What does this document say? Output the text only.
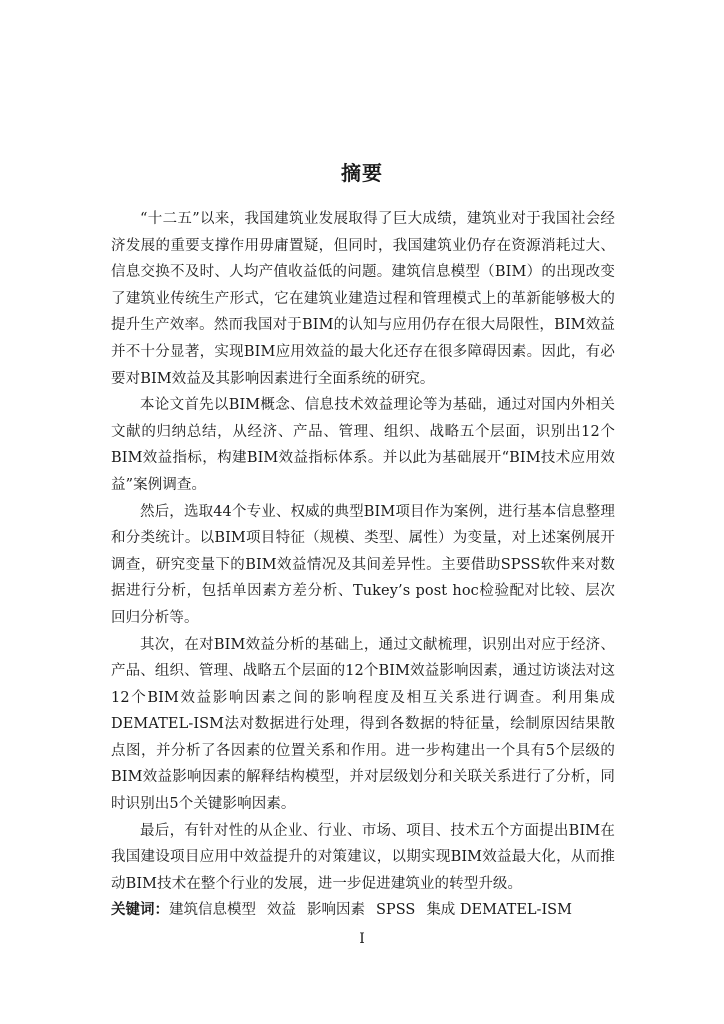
摘要

“十二五”以来，我国建筑业发展取得了巨大成绩，建筑业对于我国社会经济发展的重要支撑作用毋庸置疑，但同时，我国建筑业仍存在资源消耗过大、信息交换不及时、人均产值收益低的问题。建筑信息模型（BIM）的出现改变了建筑业传统生产形式，它在建筑业建造过程和管理模式上的革新能够极大的提升生产效率。然而我国对于BIM的认知与应用仍存在很大局限性，BIM效益并不十分显著，实现BIM应用效益的最大化还存在很多障碍因素。因此，有必要对BIM效益及其影响因素进行全面系统的研究。

本论文首先以BIM概念、信息技术效益理论等为基础，通过对国内外相关文献的归纳总结，从经济、产品、管理、组织、战略五个层面，识别出12个BIM效益指标，构建BIM效益指标体系。并以此为基础展开“BIM技术应用效益”案例调查。

然后，选取44个专业、权威的典型BIM项目作为案例，进行基本信息整理和分类统计。以BIM项目特征（规模、类型、属性）为变量，对上述案例展开调查，研究变量下的BIM效益情况及其间差异性。主要借助SPSS软件来对数据进行分析，包括单因素方差分析、Tukey’s post hoc检验配对比较、层次回归分析等。

其次，在对BIM效益分析的基础上，通过文献梳理，识别出对应于经济、产品、组织、管理、战略五个层面的12个BIM效益影响因素，通过访谈法对这12个BIM效益影响因素之间的影响程度及相互关系进行调查。利用集成DEMATEL-ISM法对数据进行处理，得到各数据的特征量，绘制原因结果散点图，并分析了各因素的位置关系和作用。进一步构建出一个具有5个层级的BIM效益影响因素的解释结构模型，并对层级划分和关联关系进行了分析，同时识别出5个关键影响因素。

最后，有针对性的从企业、行业、市场、项目、技术五个方面提出BIM在我国建设项目应用中效益提升的对策建议，以期实现BIM效益最大化，从而推动BIM技术在整个行业的发展，进一步促进建筑业的转型升级。

关键词：建筑信息模型 效益 影响因素 SPSS 集成 DEMATEL-ISM

I
